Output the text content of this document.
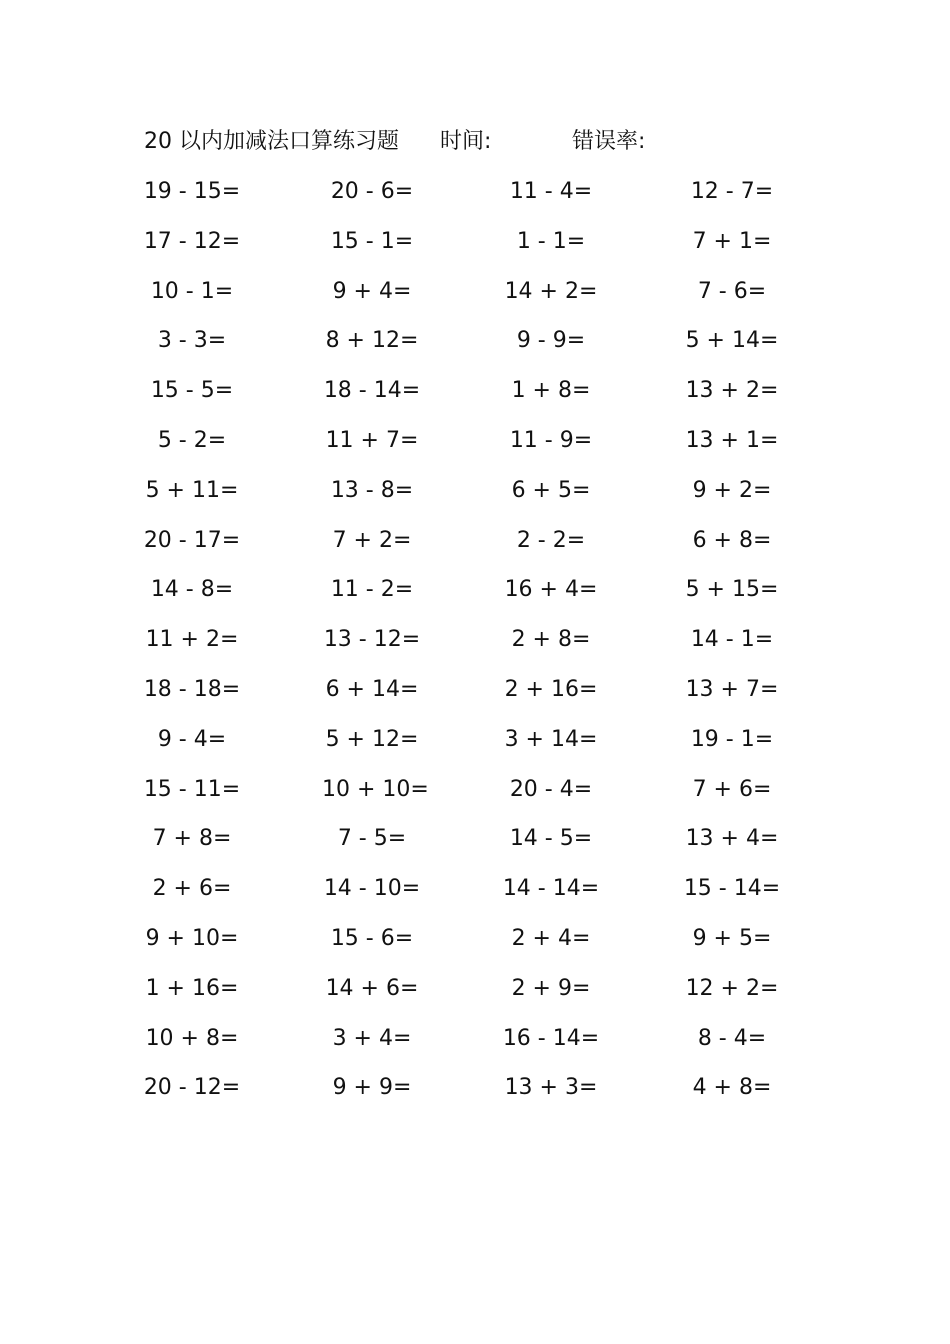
20 以内加减法口算练习题 时间:	错误率:
19 - 15=	20 - 6=	11 - 4=	12 - 7=
17 - 12=	15 - 1=	1 - 1=	7 + 1=
10 - 1=	9 + 4=	14 + 2=	7 - 6=
3 - 3=	8 + 12=	9 - 9=	5 + 14=
15 - 5=	18 - 14=	1 + 8=	13 + 2=
5 - 2=	11 + 7=	11 - 9=	13 + 1=
5 + 11=	13 - 8=	6 + 5=	9 + 2=
20 - 17=	7 + 2=	2 - 2=	6 + 8=
14 - 8=	11 - 2=	16 + 4=	5 + 15=
11 + 2=	13 - 12=	2 + 8=	14 - 1=
18 - 18=	6 + 14=	2 + 16=	13 + 7=
9 - 4=	5 + 12=	3 + 14=	19 - 1=
15 - 11=	10 + 10=	20 - 4=	7 + 6=
7 + 8=	7 - 5=	14 - 5=	13 + 4=
2 + 6=	14 - 10=	14 - 14=	15 - 14=
9 + 10=	15 - 6=	2 + 4=	9 + 5=
1 + 16=	14 + 6=	2 + 9=	12 + 2=
10 + 8=	3 + 4=	16 - 14=	8 - 4=
20 - 12=	9 + 9=	13 + 3=	4 + 8=
